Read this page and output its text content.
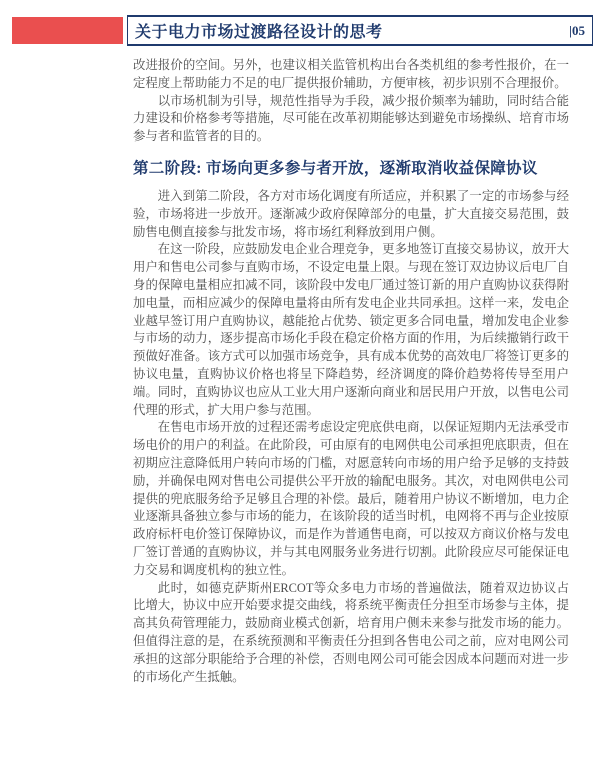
关于电力市场过渡路径设计的思考	|05

改进报价的空间。另外，也建议相关监管机构出台各类机组的参考性报价，在一定程度上帮助能力不足的电厂提供报价辅助，方便审核，初步识别不合理报价。

以市场机制为引导，规范性指导为手段，减少报价频率为辅助，同时结合能力建设和价格参考等措施，尽可能在改革初期能够达到避免市场操纵、培育市场参与者和监管者的目的。

第二阶段: 市场向更多参与者开放，逐渐取消收益保障协议

进入到第二阶段，各方对市场化调度有所适应，并积累了一定的市场参与经验，市场将进一步放开。逐渐减少政府保障部分的电量，扩大直接交易范围，鼓励售电侧直接参与批发市场，将市场红利释放到用户侧。

在这一阶段，应鼓励发电企业合理竞争，更多地签订直接交易协议，放开大用户和售电公司参与直购市场，不设定电量上限。与现在签订双边协议后电厂自身的保障电量相应扣减不同，该阶段中发电厂通过签订新的用户直购协议获得附加电量，而相应减少的保障电量将由所有发电企业共同承担。这样一来，发电企业越早签订用户直购协议，越能抢占优势、锁定更多合同电量，增加发电企业参与市场的动力，逐步提高市场化手段在稳定价格方面的作用，为后续撤销行政干预做好准备。该方式可以加强市场竞争，具有成本优势的高效电厂将签订更多的协议电量，直购协议价格也将呈下降趋势，经济调度的降价趋势将传导至用户端。同时，直购协议也应从工业大用户逐渐向商业和居民用户开放，以售电公司代理的形式，扩大用户参与范围。

在售电市场开放的过程还需考虑设定兜底供电商，以保证短期内无法承受市场电价的用户的利益。在此阶段，可由原有的电网供电公司承担兜底职责，但在初期应注意降低用户转向市场的门槛，对愿意转向市场的用户给予足够的支持鼓励，并确保电网对售电公司提供公平开放的输配电服务。其次，对电网供电公司提供的兜底服务给予足够且合理的补偿。最后，随着用户协议不断增加，电力企业逐渐具备独立参与市场的能力，在该阶段的适当时机，电网将不再与企业按原政府标杆电价签订保障协议，而是作为普通售电商，可以按双方商议价格与发电厂签订普通的直购协议，并与其电网服务业务进行切割。此阶段应尽可能保证电力交易和调度机构的独立性。

此时，如德克萨斯州ERCOT等众多电力市场的普遍做法，随着双边协议占比增大，协议中应开始要求提交曲线，将系统平衡责任分担至市场参与主体，提高其负荷管理能力，鼓励商业模式创新，培育用户侧未来参与批发市场的能力。但值得注意的是，在系统预测和平衡责任分担到各售电公司之前，应对电网公司承担的这部分职能给予合理的补偿，否则电网公司可能会因成本问题而对进一步的市场化产生抵触。
